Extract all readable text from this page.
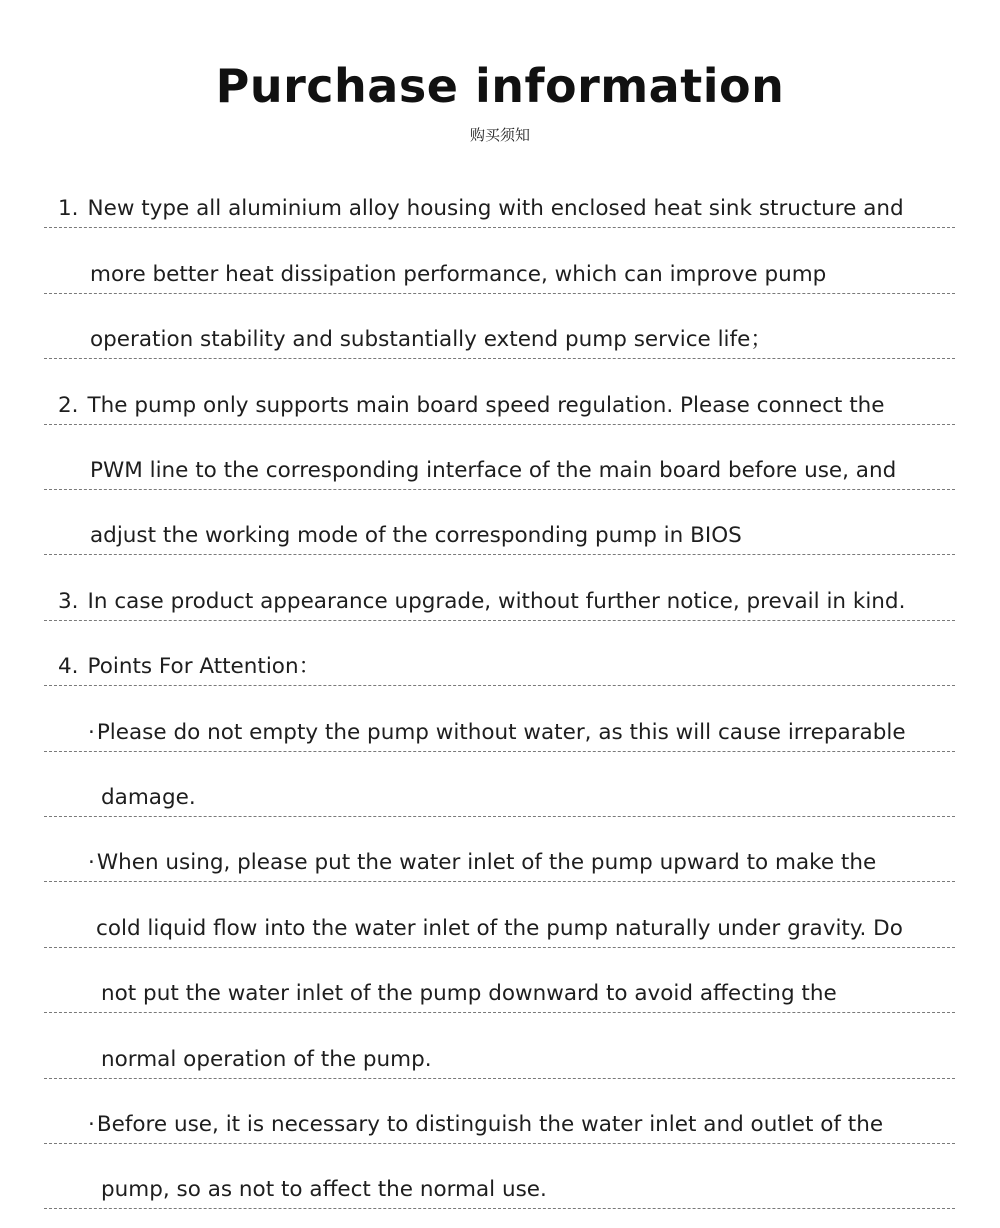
Purchase information
购买须知
1. New type all aluminium alloy housing with enclosed heat sink structure and
more better heat dissipation performance, which can improve pump
operation stability and substantially extend pump service life；
2. The pump only supports main board speed regulation. Please connect the
PWM line to the corresponding interface of the main board before use, and
adjust the working mode of the corresponding pump in BIOS
3. In case product appearance upgrade, without further notice, prevail in kind.
4. Points For Attention：
·Please do not empty the pump without water, as this will cause irreparable
damage.
·When using, please put the water inlet of the pump upward to make the
cold liquid flow into the water inlet of the pump naturally under gravity. Do
not put the water inlet of the pump downward to avoid affecting the
normal operation of the pump.
·Before use, it is necessary to distinguish the water inlet and outlet of the
pump, so as not to affect the normal use.
